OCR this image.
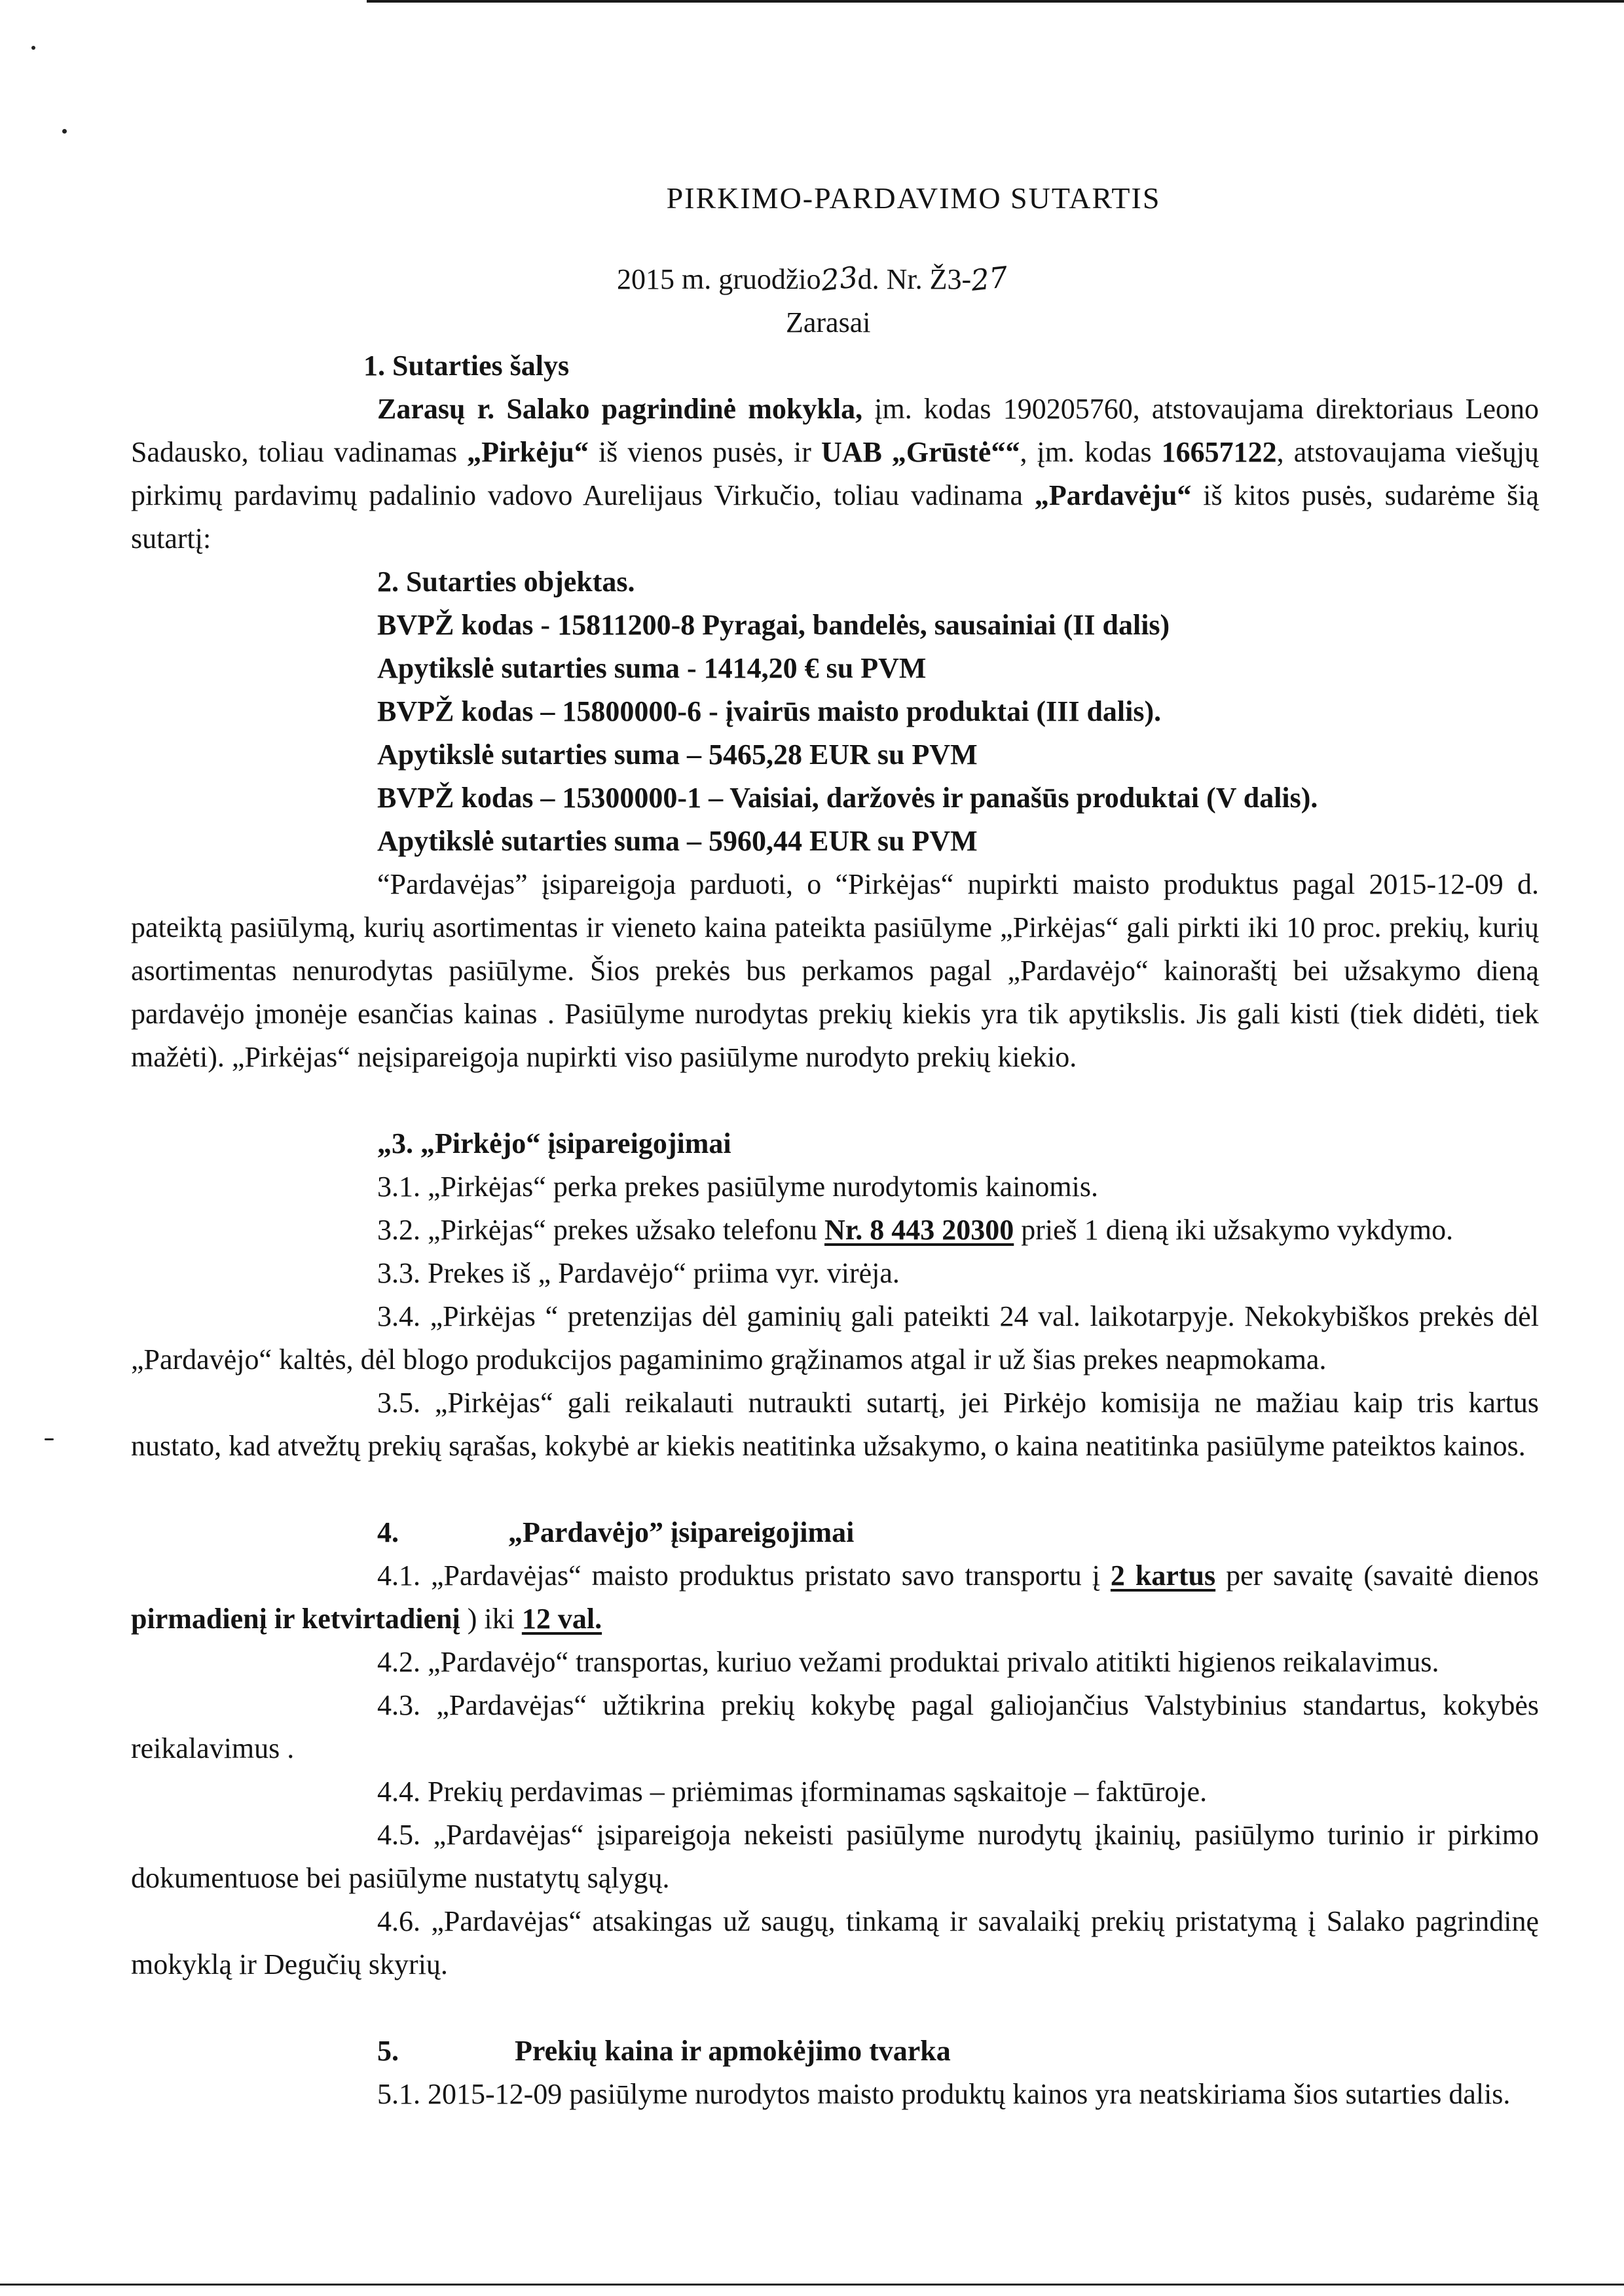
PIRKIMO-PARDAVIMO SUTARTIS
2015 m. gruodžio23d. Nr. Ž3-27
Zarasai
1. Sutarties šalys
Zarasų r. Salako pagrindinė mokykla, įm. kodas 190205760, atstovaujama direktoriaus Leono Sadausko, toliau vadinamas „Pirkėju“ iš vienos pusės, ir UAB „Grūstė““, įm. kodas 16657122, atstovaujama viešųjų pirkimų pardavimų padalinio vadovo Aurelijaus Virkučio, toliau vadinama „Pardavėju“ iš kitos pusės, sudarėme šią sutartį:
2. Sutarties objektas.
BVPŽ kodas - 15811200-8 Pyragai, bandelės, sausainiai (II dalis)
Apytikslė sutarties suma - 1414,20 € su PVM
BVPŽ kodas – 15800000-6 - įvairūs maisto produktai (III dalis).
Apytikslė sutarties suma – 5465,28 EUR su PVM
BVPŽ kodas – 15300000-1 – Vaisiai, daržovės ir panašūs produktai (V dalis).
Apytikslė sutarties suma – 5960,44 EUR su PVM
“Pardavėjas” įsipareigoja parduoti, o “Pirkėjas“ nupirkti maisto produktus pagal 2015-12-09 d. pateiktą pasiūlymą, kurių asortimentas ir vieneto kaina pateikta pasiūlyme „Pirkėjas“ gali pirkti iki 10 proc. prekių, kurių asortimentas nenurodytas pasiūlyme. Šios prekės bus perkamos pagal „Pardavėjo“ kainoraštį bei užsakymo dieną pardavėjo įmonėje esančias kainas . Pasiūlyme nurodytas prekių kiekis yra tik apytikslis. Jis gali kisti (tiek didėti, tiek mažėti). „Pirkėjas“ neįsipareigoja nupirkti viso pasiūlyme nurodyto prekių kiekio.
„3. „Pirkėjo“ įsipareigojimai
3.1. „Pirkėjas“ perka prekes pasiūlyme nurodytomis kainomis.
3.2. „Pirkėjas“ prekes užsako telefonu Nr. 8 443 20300 prieš 1 dieną iki užsakymo vykdymo.
3.3. Prekes iš „ Pardavėjo“ priima vyr. virėja.
3.4. „Pirkėjas “ pretenzijas dėl gaminių gali pateikti 24 val. laikotarpyje. Nekokybiškos prekės dėl „Pardavėjo“ kaltės, dėl blogo produkcijos pagaminimo grąžinamos atgal ir už šias prekes neapmokama.
3.5. „Pirkėjas“ gali reikalauti nutraukti sutartį, jei Pirkėjo komisija ne mažiau kaip tris kartus nustato, kad atvežtų prekių sąrašas, kokybė ar kiekis neatitinka užsakymo, o kaina neatitinka pasiūlyme pateiktos kainos.
4.	„Pardavėjo” įsipareigojimai
4.1. „Pardavėjas“ maisto produktus pristato savo transportu į 2 kartus per savaitę (savaitė dienos pirmadienį ir ketvirtadienį ) iki 12 val.
4.2. „Pardavėjo“ transportas, kuriuo vežami produktai privalo atitikti higienos reikalavimus.
4.3. „Pardavėjas“ užtikrina prekių kokybę pagal galiojančius Valstybinius standartus, kokybės reikalavimus .
4.4. Prekių perdavimas – priėmimas įforminamas sąskaitoje – faktūroje.
4.5. „Pardavėjas“ įsipareigoja nekeisti pasiūlyme nurodytų įkainių, pasiūlymo turinio ir pirkimo dokumentuose bei pasiūlyme nustatytų sąlygų.
4.6. „Pardavėjas“ atsakingas už saugų, tinkamą ir savalaikį prekių pristatymą į Salako pagrindinę mokyklą ir Degučių skyrių.
5.	Prekių kaina ir apmokėjimo tvarka
5.1. 2015-12-09 pasiūlyme nurodytos maisto produktų kainos yra neatskiriama šios sutarties dalis.
